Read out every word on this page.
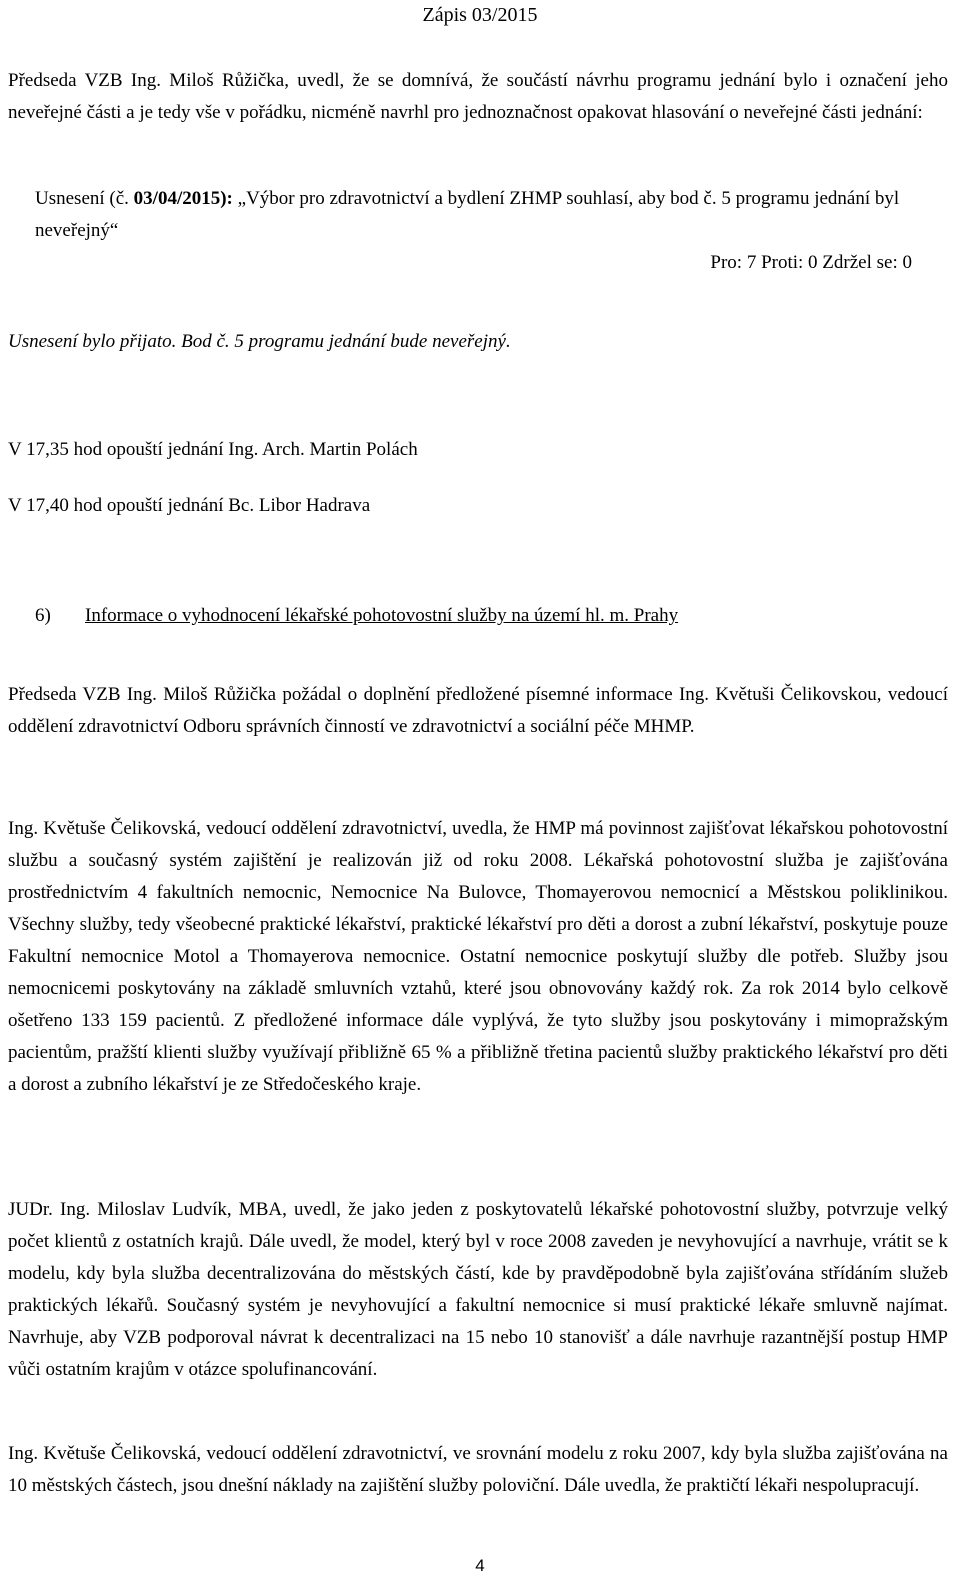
Zápis 03/2015

Předseda VZB Ing. Miloš Růžička, uvedl, že se domnívá, že součástí návrhu programu jednání bylo i označení jeho neveřejné části a je tedy vše v pořádku, nicméně navrhl pro jednoznačnost opakovat hlasování o neveřejné části jednání:

Usnesení (č. 03/04/2015): „Výbor pro zdravotnictví a bydlení ZHMP souhlasí, aby bod č. 5 programu jednání byl neveřejný“

Pro: 7 Proti: 0 Zdržel se: 0

Usnesení bylo přijato. Bod č. 5 programu jednání bude neveřejný.

V 17,35 hod opouští jednání Ing. Arch. Martin Polách

V 17,40 hod opouští jednání Bc. Libor Hadrava

6) Informace o vyhodnocení lékařské pohotovostní služby na území hl. m. Prahy

Předseda VZB Ing. Miloš Růžička požádal o doplnění předložené písemné informace Ing. Květuši Čelikovskou, vedoucí oddělení zdravotnictví Odboru správních činností ve zdravotnictví a sociální péče MHMP.

Ing. Květuše Čelikovská, vedoucí oddělení zdravotnictví, uvedla, že HMP má povinnost zajišťovat lékařskou pohotovostní službu a současný systém zajištění je realizován již od roku 2008. Lékařská pohotovostní služba je zajišťována prostřednictvím 4 fakultních nemocnic, Nemocnice Na Bulovce, Thomayerovou nemocnicí a Městskou poliklinikou. Všechny služby, tedy všeobecné praktické lékařství, praktické lékařství pro děti a dorost a zubní lékařství, poskytuje pouze Fakultní nemocnice Motol a Thomayerova nemocnice. Ostatní nemocnice poskytují služby dle potřeb. Služby jsou nemocnicemi poskytovány na základě smluvních vztahů, které jsou obnovovány každý rok. Za rok 2014 bylo celkově ošetřeno 133 159 pacientů. Z předložené informace dále vyplývá, že tyto služby jsou poskytovány i mimopražským pacientům, pražští klienti služby využívají přibližně 65 % a přibližně třetina pacientů služby praktického lékařství pro děti a dorost a zubního lékařství je ze Středočeského kraje.

JUDr. Ing. Miloslav Ludvík, MBA, uvedl, že jako jeden z poskytovatelů lékařské pohotovostní služby, potvrzuje velký počet klientů z ostatních krajů. Dále uvedl, že model, který byl v roce 2008 zaveden je nevyhovující a navrhuje, vrátit se k modelu, kdy byla služba decentralizována do městských částí, kde by pravděpodobně byla zajišťována střídáním služeb praktických lékařů. Současný systém je nevyhovující a fakultní nemocnice si musí praktické lékaře smluvně najímat. Navrhuje, aby VZB podporoval návrat k decentralizaci na 15 nebo 10 stanovišť a dále navrhuje razantnější postup HMP vůči ostatním krajům v otázce spolufinancování.

Ing. Květuše Čelikovská, vedoucí oddělení zdravotnictví, ve srovnání modelu z roku 2007, kdy byla služba zajišťována na 10 městských částech, jsou dnešní náklady na zajištění služby poloviční. Dále uvedla, že praktičtí lékaři nespolupracují.

4
